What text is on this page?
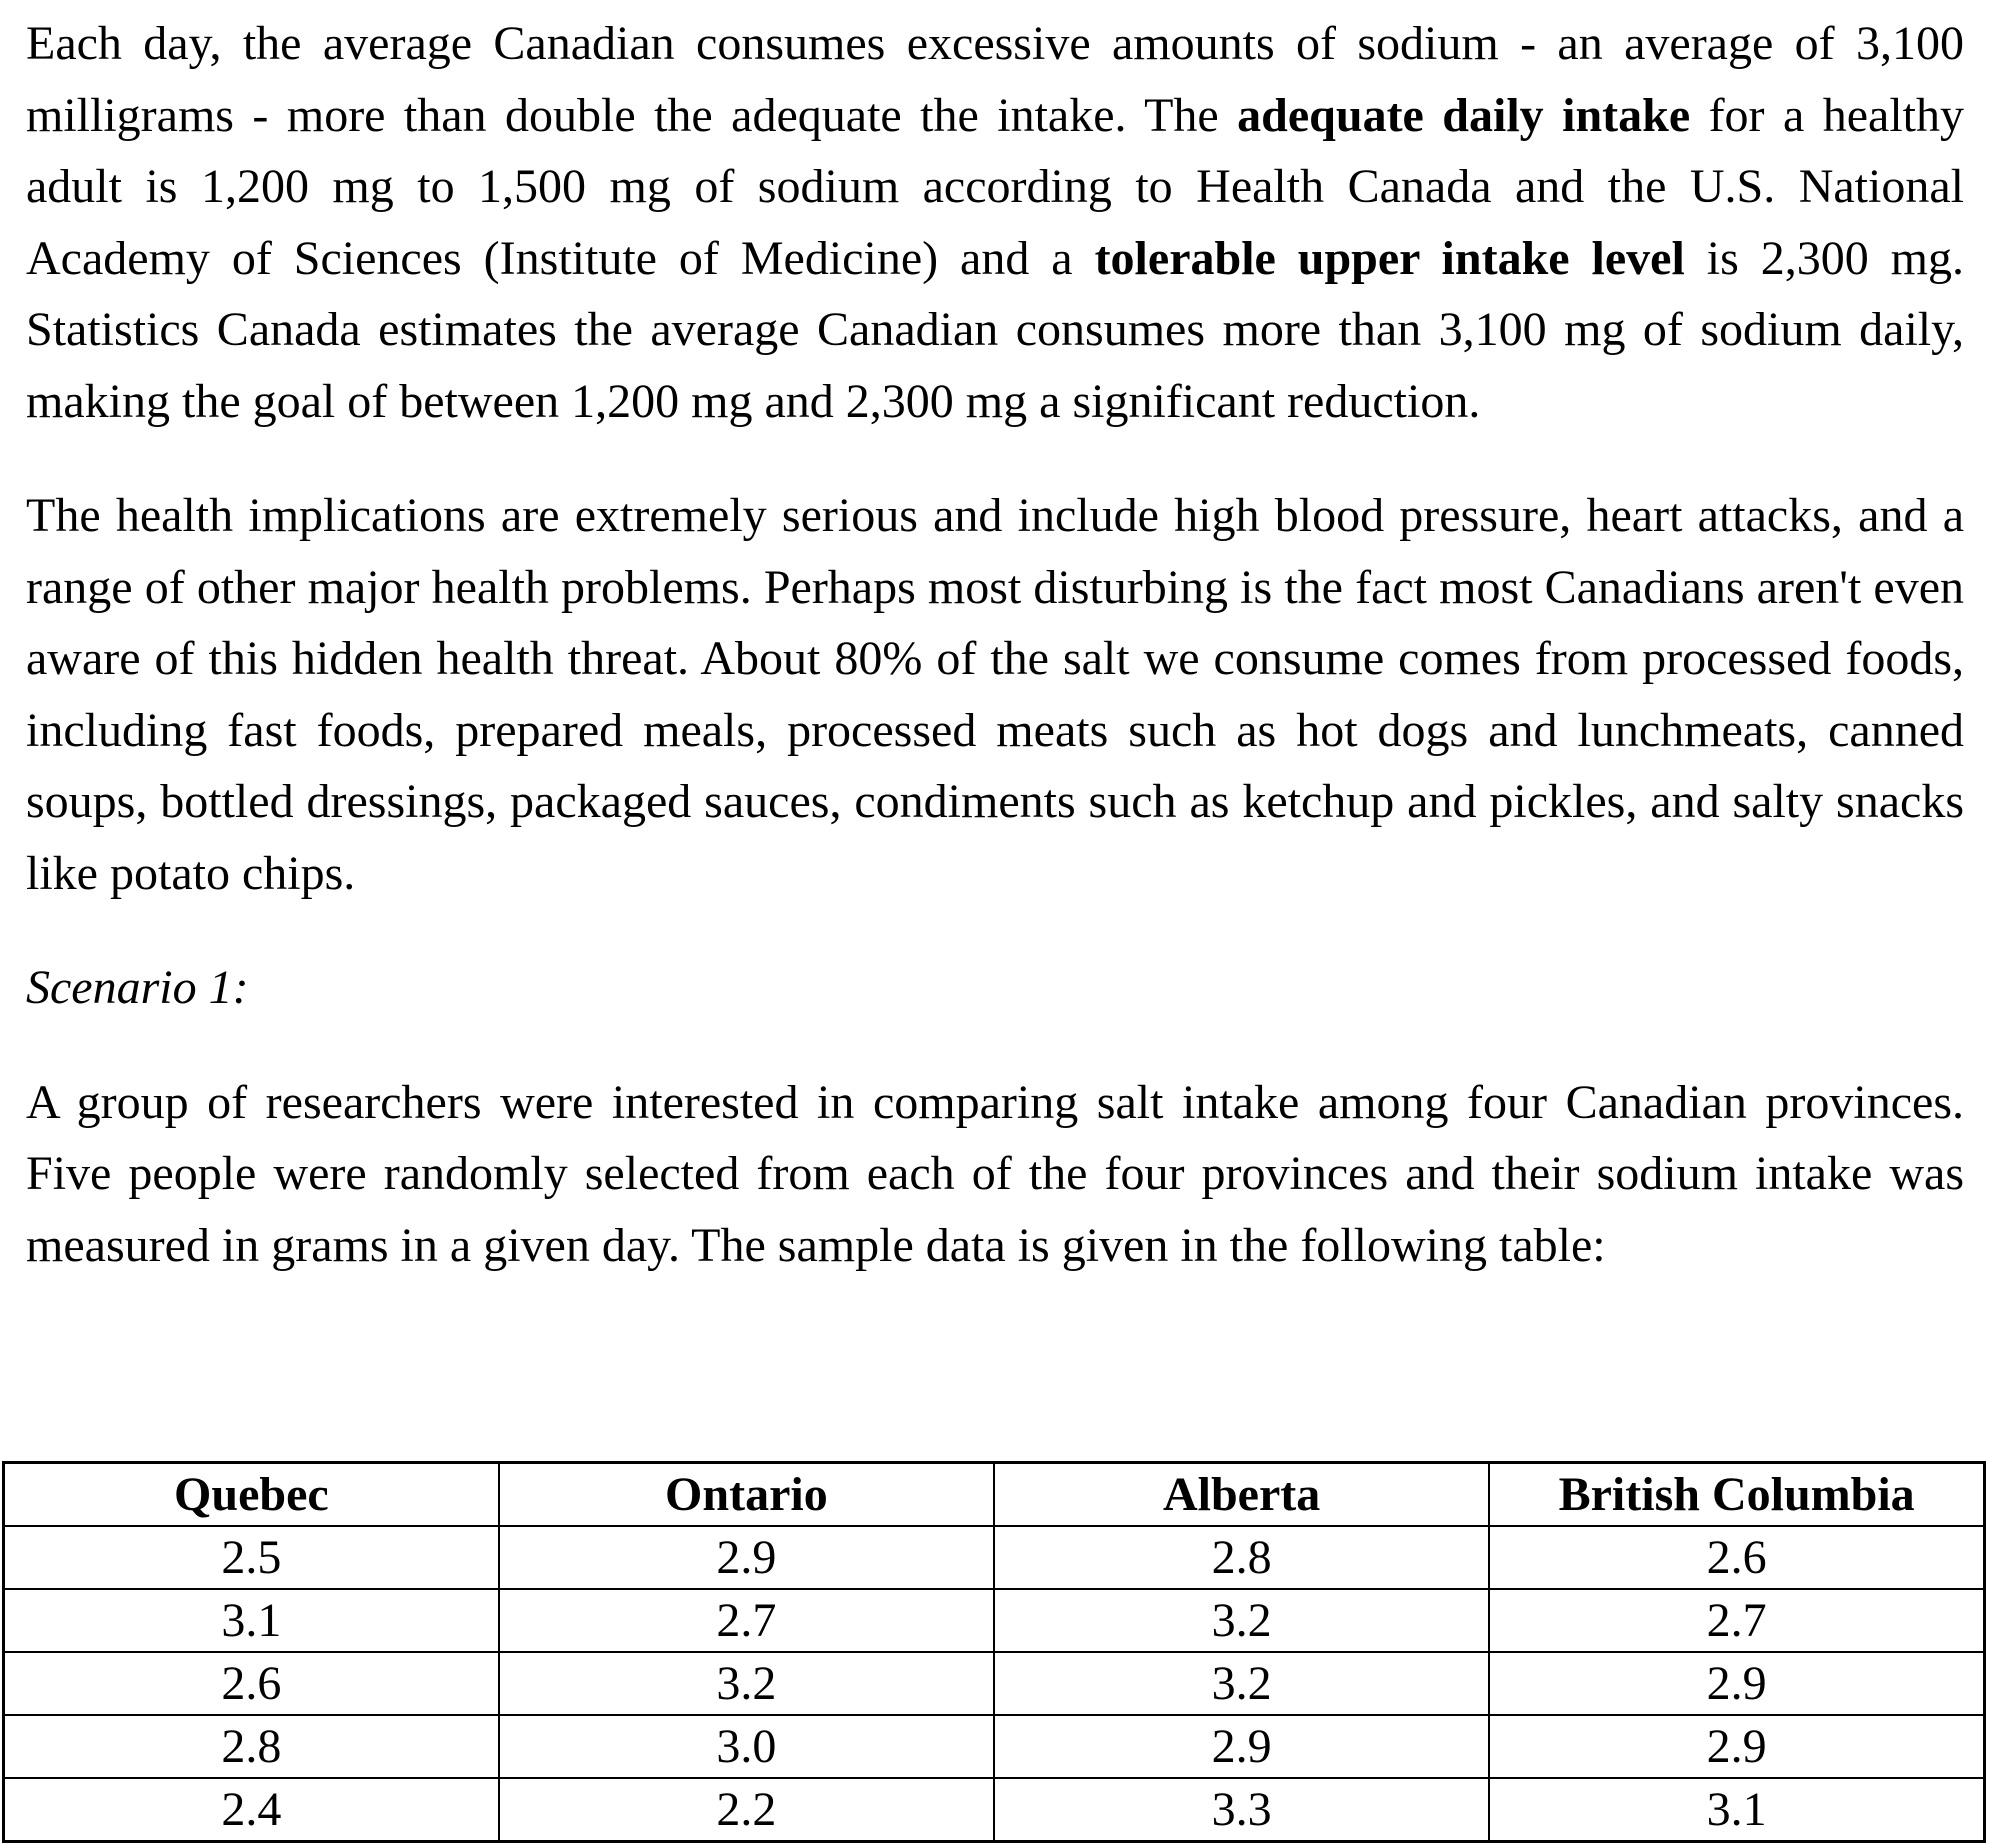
Each day, the average Canadian consumes excessive amounts of sodium - an average of 3,100 milligrams - more than double the adequate the intake. The adequate daily intake for a healthy adult is 1,200 mg to 1,500 mg of sodium according to Health Canada and the U.S. National Academy of Sciences (Institute of Medicine) and a tolerable upper intake level is 2,300 mg. Statistics Canada estimates the average Canadian consumes more than 3,100 mg of sodium daily, making the goal of between 1,200 mg and 2,300 mg a significant reduction.

The health implications are extremely serious and include high blood pressure, heart attacks, and a range of other major health problems. Perhaps most disturbing is the fact most Canadians aren't even aware of this hidden health threat. About 80% of the salt we consume comes from processed foods, including fast foods, prepared meals, processed meats such as hot dogs and lunchmeats, canned soups, bottled dressings, packaged sauces, condiments such as ketchup and pickles, and salty snacks like potato chips.

Scenario 1:

A group of researchers were interested in comparing salt intake among four Canadian provinces. Five people were randomly selected from each of the four provinces and their sodium intake was measured in grams in a given day. The sample data is given in the following table:

Quebec	Ontario	Alberta	British Columbia
2.5	2.9	2.8	2.6
3.1	2.7	3.2	2.7
2.6	3.2	3.2	2.9
2.8	3.0	2.9	2.9
2.4	2.2	3.3	3.1
